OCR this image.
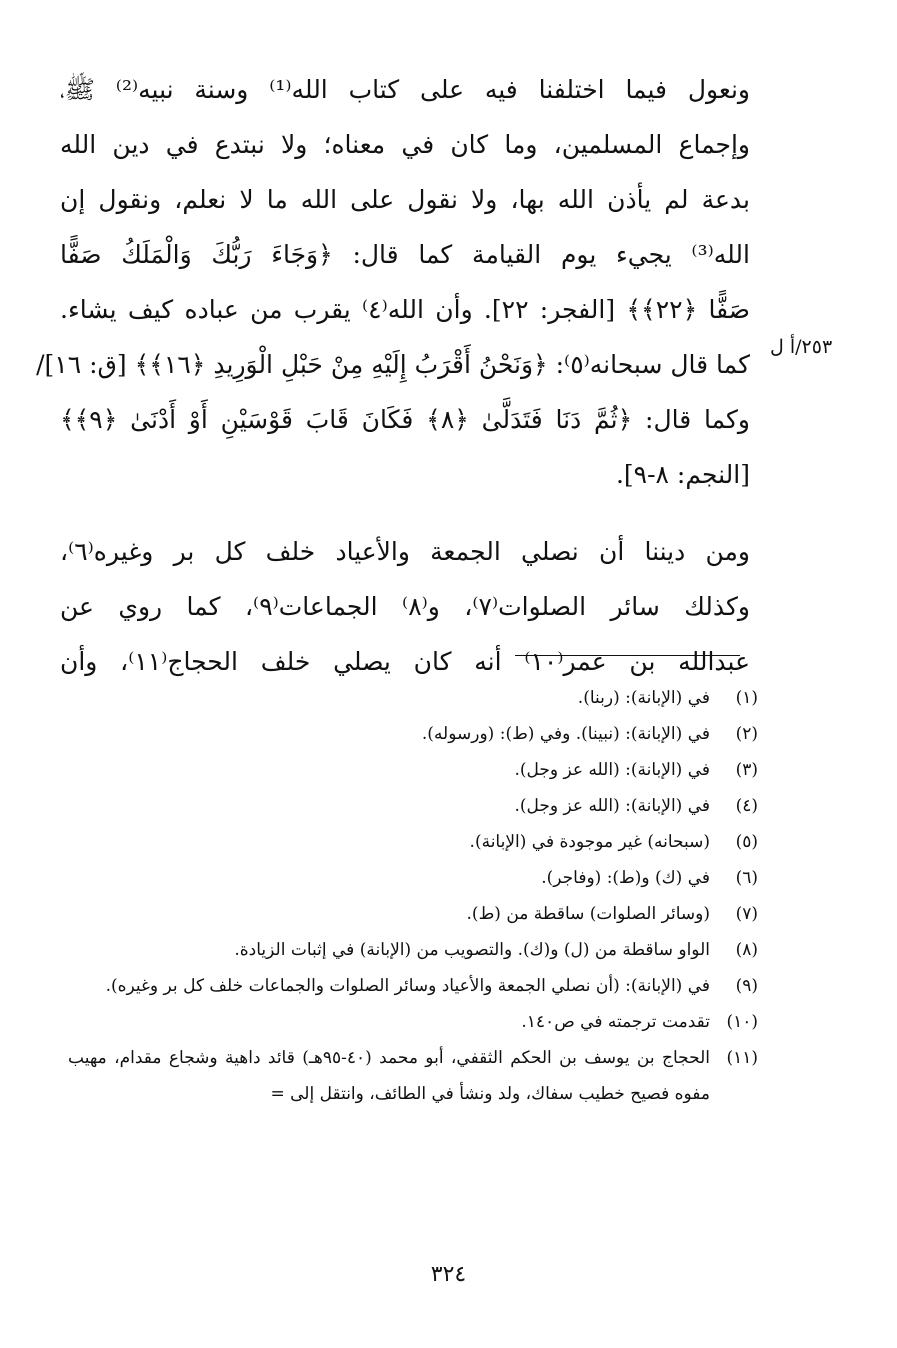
ونعول فيما اختلفنا فيه على كتاب الله⁽¹⁾ وسنة نبيه⁽²⁾ ﷺ،
وإجماع المسلمين، وما كان في معناه؛ ولا نبتدع في دين الله
بدعة لم يأذن الله بها، ولا نقول على الله ما لا نعلم، ونقول إن
الله⁽³⁾ يجيء يوم القيامة كما قال: ﴿وَجَاءَ رَبُّكَ وَالْمَلَكُ صَفًّا
صَفًّا ﴿٢٢﴾﴾ [الفجر: ٢٢]. وأن الله⁽٤⁾ يقرب من عباده كيف يشاء.
كما قال سبحانه⁽٥⁾: ﴿وَنَحْنُ أَقْرَبُ إِلَيْهِ مِنْ حَبْلِ الْوَرِيدِ ﴿١٦﴾﴾ [ق: ١٦]/
وكما قال: ﴿ثُمَّ دَنَا فَتَدَلَّىٰ ﴿٨﴾ فَكَانَ قَابَ قَوْسَيْنِ أَوْ أَدْنَىٰ ﴿٩﴾﴾
[النجم: ٨-٩].
ومن ديننا أن نصلي الجمعة والأعياد خلف كل بر وغيره⁽٦⁾،
وكذلك سائر الصلوات⁽٧⁾، و⁽٨⁾ الجماعات⁽٩⁾، كما روي عن
عبدالله بن عمر⁽١٠⁾ أنه كان يصلي خلف الحجاج⁽١١⁾، وأن
٢٥٣/أ ل
(١)
في (الإبانة): (ربنا).
(٢)
في (الإبانة): (نبينا). وفي (ط): (ورسوله).
(٣)
في (الإبانة): (الله عز وجل).
(٤)
في (الإبانة): (الله عز وجل).
(٥)
(سبحانه) غير موجودة في (الإبانة).
(٦)
في (ك) و(ط): (وفاجر).
(٧)
(وسائر الصلوات) ساقطة من (ط).
(٨)
الواو ساقطة من (ل) و(ك). والتصويب من (الإبانة) في إثبات الزيادة.
(٩)
في (الإبانة): (أن نصلي الجمعة والأعياد وسائر الصلوات والجماعات خلف كل بر وغيره).
(١٠)
تقدمت ترجمته في ص١٤٠.
(١١)
الحجاج بن يوسف بن الحكم الثقفي، أبو محمد (٤٠-٩٥هـ) قائد داهية وشجاع مقدام، مهيب مفوه فصيح خطيب سفاك، ولد ونشأ في الطائف، وانتقل إلى =
٣٢٤
